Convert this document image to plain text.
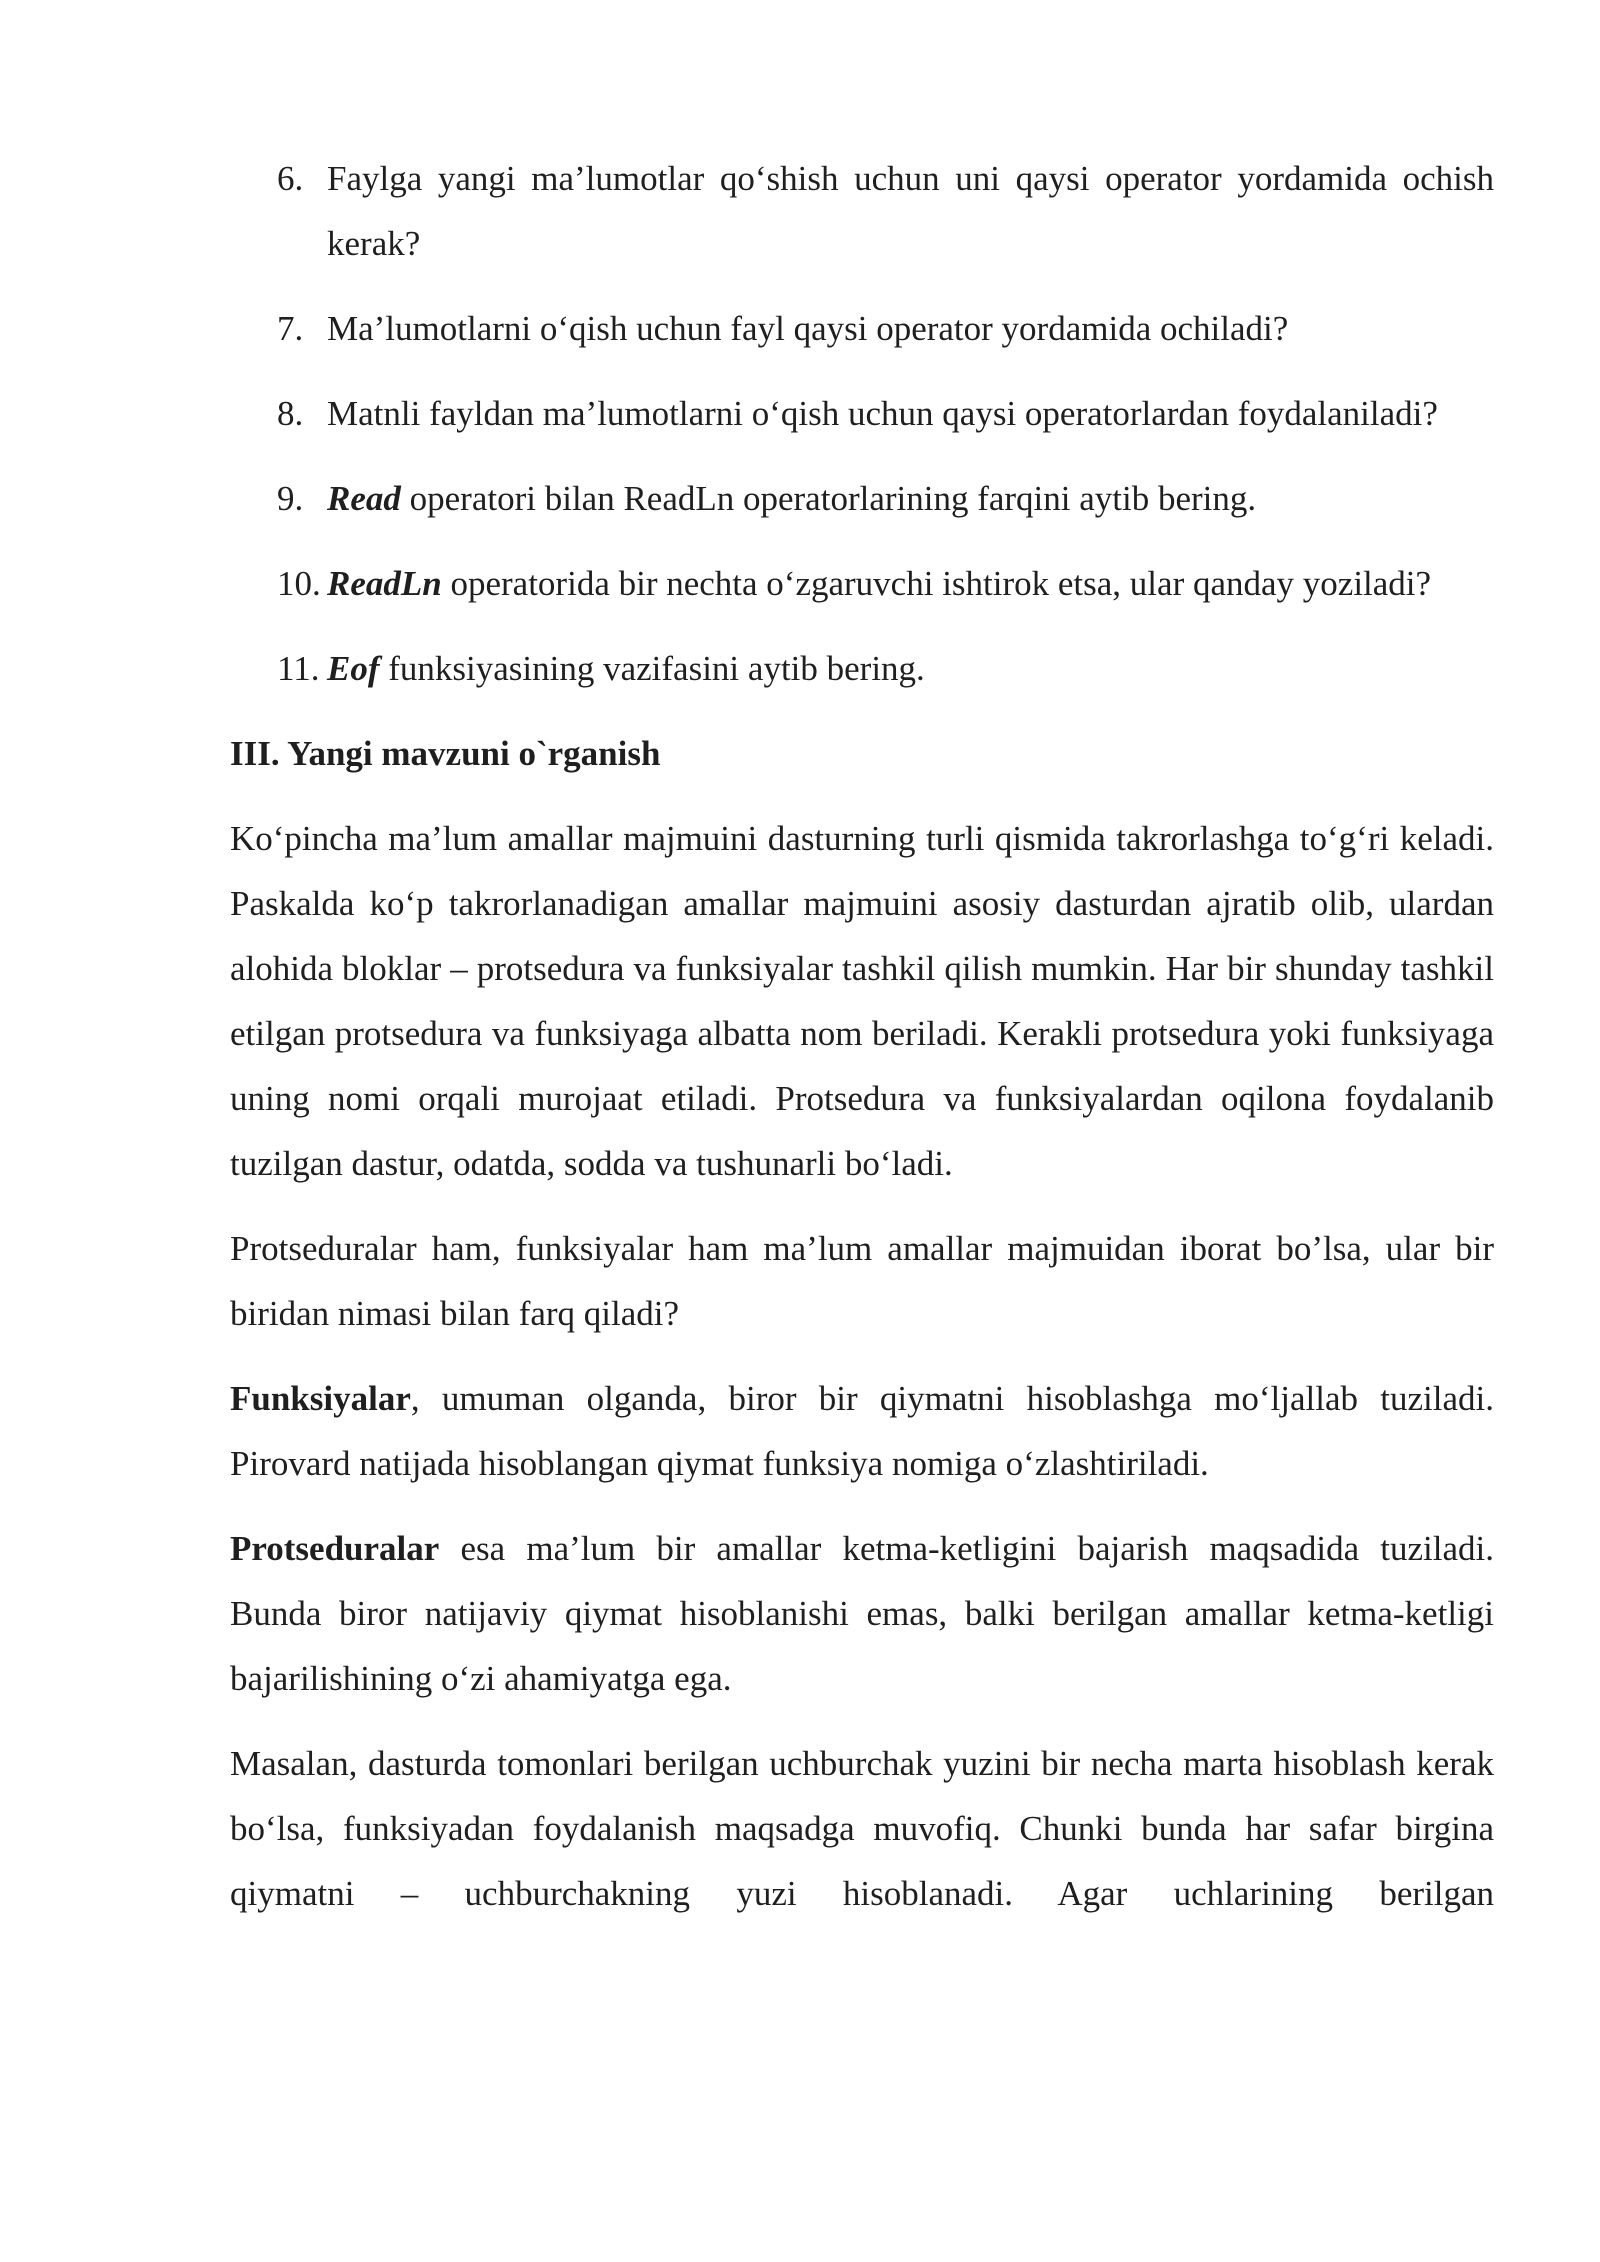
6. Faylga yangi ma’lumotlar qo‘shish uchun uni qaysi operator yordamida ochish kerak?
7. Ma’lumotlarni o‘qish uchun fayl qaysi operator yordamida ochiladi?
8. Matnli fayldan ma’lumotlarni o‘qish uchun qaysi operatorlardan foydalaniladi?
9. Read operatori bilan ReadLn operatorlarining farqini aytib bering.
10. ReadLn operatorida bir nechta o‘zgaruvchi ishtirok etsa, ular qanday yoziladi?
11. Eof funksiyasining vazifasini aytib bering.
III. Yangi mavzuni o`rganish

Ko‘pincha ma’lum amallar majmuini dasturning turli qismida takrorlashga to‘g‘ri keladi. Paskalda ko‘p takrorlanadigan amallar majmuini asosiy dasturdan ajratib olib, ulardan alohida bloklar – protsedura va funksiyalar tashkil qilish mumkin. Har bir shunday tashkil etilgan protsedura va funksiyaga albatta nom beriladi. Kerakli protsedura yoki funksiyaga uning nomi orqali murojaat etiladi. Protsedura va funksiyalardan oqilona foydalanib tuzilgan dastur, odatda, sodda va tushunarli bo‘ladi.

Protseduralar ham, funksiyalar ham ma’lum amallar majmuidan iborat bo’lsa, ular bir biridan nimasi bilan farq qiladi?

Funksiyalar, umuman olganda, biror bir qiymatni hisoblashga mo‘ljallab tuziladi. Pirovard natijada hisoblangan qiymat funksiya nomiga o‘zlashtiriladi.

Protseduralar esa ma’lum bir amallar ketma-ketligini bajarish maqsadida tuziladi. Bunda biror natijaviy qiymat hisoblanishi emas, balki berilgan amallar ketma-ketligi bajarilishining o‘zi ahamiyatga ega.

Masalan, dasturda tomonlari berilgan uchburchak yuzini bir necha marta hisoblash kerak bo‘lsa, funksiyadan foydalanish maqsadga muvofiq. Chunki bunda har safar birgina qiymatni – uchburchakning yuzi hisoblanadi. Agar uchlarining berilgan
